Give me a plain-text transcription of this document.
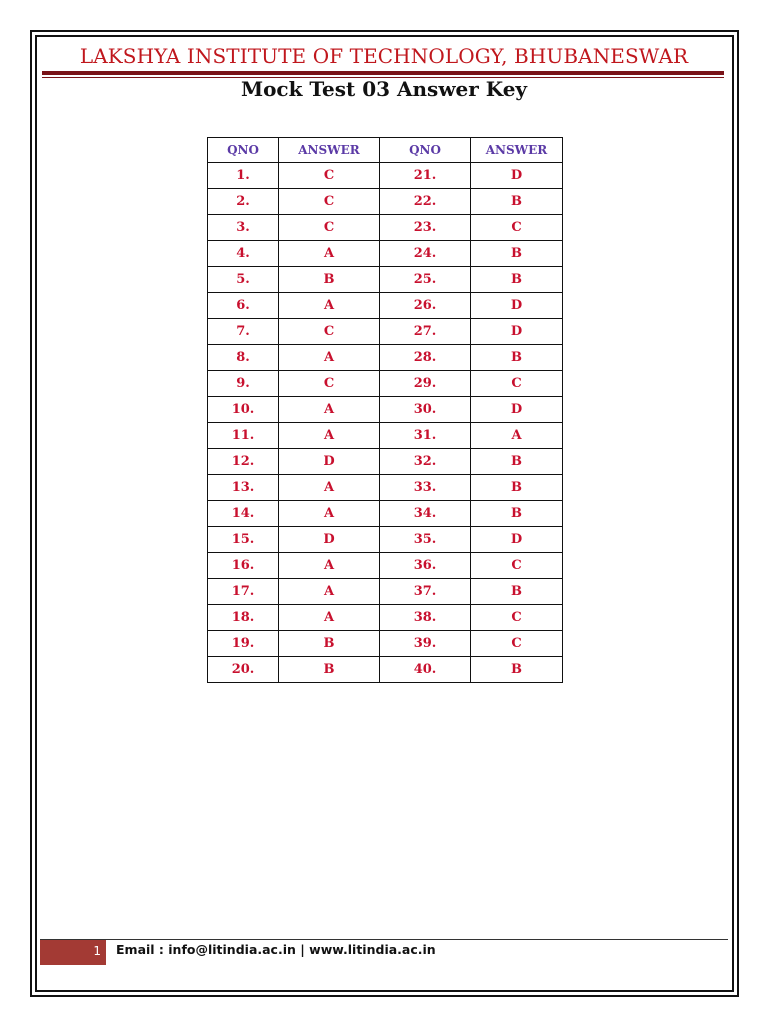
LAKSHYA INSTITUTE OF TECHNOLOGY, BHUBANESWAR
Mock Test 03 Answer Key
QNO	ANSWER	QNO	ANSWER
1.	C	21.	D
2.	C	22.	B
3.	C	23.	C
4.	A	24.	B
5.	B	25.	B
6.	A	26.	D
7.	C	27.	D
8.	A	28.	B
9.	C	29.	C
10.	A	30.	D
11.	A	31.	A
12.	D	32.	B
13.	A	33.	B
14.	A	34.	B
15.	D	35.	D
16.	A	36.	C
17.	A	37.	B
18.	A	38.	C
19.	B	39.	C
20.	B	40.	B
1	Email : info@litindia.ac.in | www.litindia.ac.in
